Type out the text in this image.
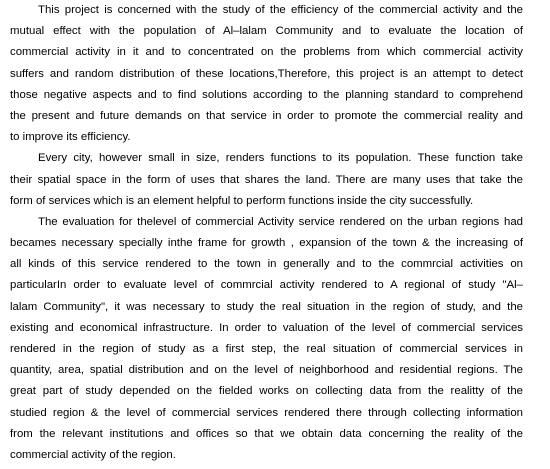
This project is concerned with the study of the efficiency of the commercial activity and the
mutual effect with the population of Al–lalam Community and to evaluate the location of
commercial activity in it and to concentrated on the problems from which commercial activity
suffers and random distribution of these locations,Therefore, this project is an attempt to detect
those negative aspects and to find solutions according to the planning standard to comprehend
the present and future demands on that service in order to promote the commercial reality and
to improve its efficiency.
Every city, however small in size, renders functions to its population. These function take
their spatial space in the form of uses that shares the land. There are many uses that take the
form of services which is an element helpful to perform functions inside the city successfully.
The evaluation for thelevel of commercial Activity service rendered on the urban regions had
becames necessary specially inthe frame for growth , expansion of the town & the increasing of
all kinds of this service rendered to the town in generally and to the commrcial activities on
particularIn order to evaluate level of commrcial activity rendered to A regional of study "Al–
lalam Community", it was necessary to study the real situation in the region of study, and the
existing and economical infrastructure. In order to valuation of the level of commercial services
rendered in the region of study as a first step, the real situation of commercial services in
quantity, area, spatial distribution and on the level of neighborhood and residential regions. The
great part of study depended on the fielded works on collecting data from the realitty of the
studied region & the level of commercial services rendered there through collecting information
from the relevant institutions and offices so that we obtain data concerning the reality of the
commercial activity of the region.
